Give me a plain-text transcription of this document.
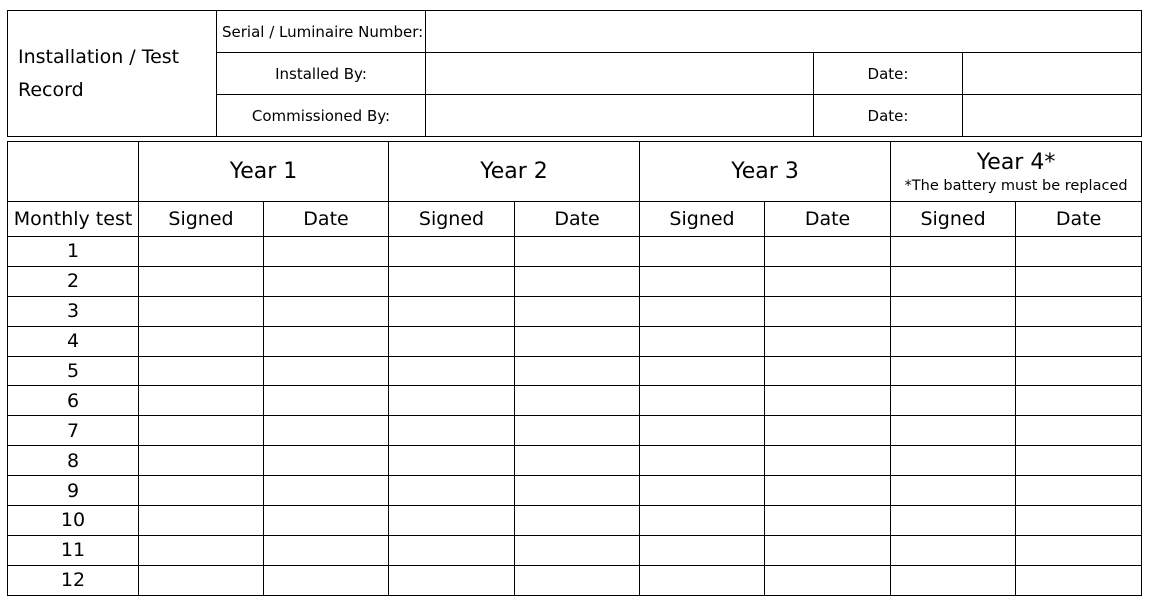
Installation / Test Record	Serial / Luminaire Number:			
	Installed By:		Date:	
	Commissioned By:		Date:	
	Year 1		Year 2		Year 3		Year 4*
*The battery must be replaced	

Monthly test	Signed	Date	Signed	Date	Signed	Date	Signed	Date
1								
2								
3								
4								
5								
6								
7								
8								
9								
10								
11								
12								
